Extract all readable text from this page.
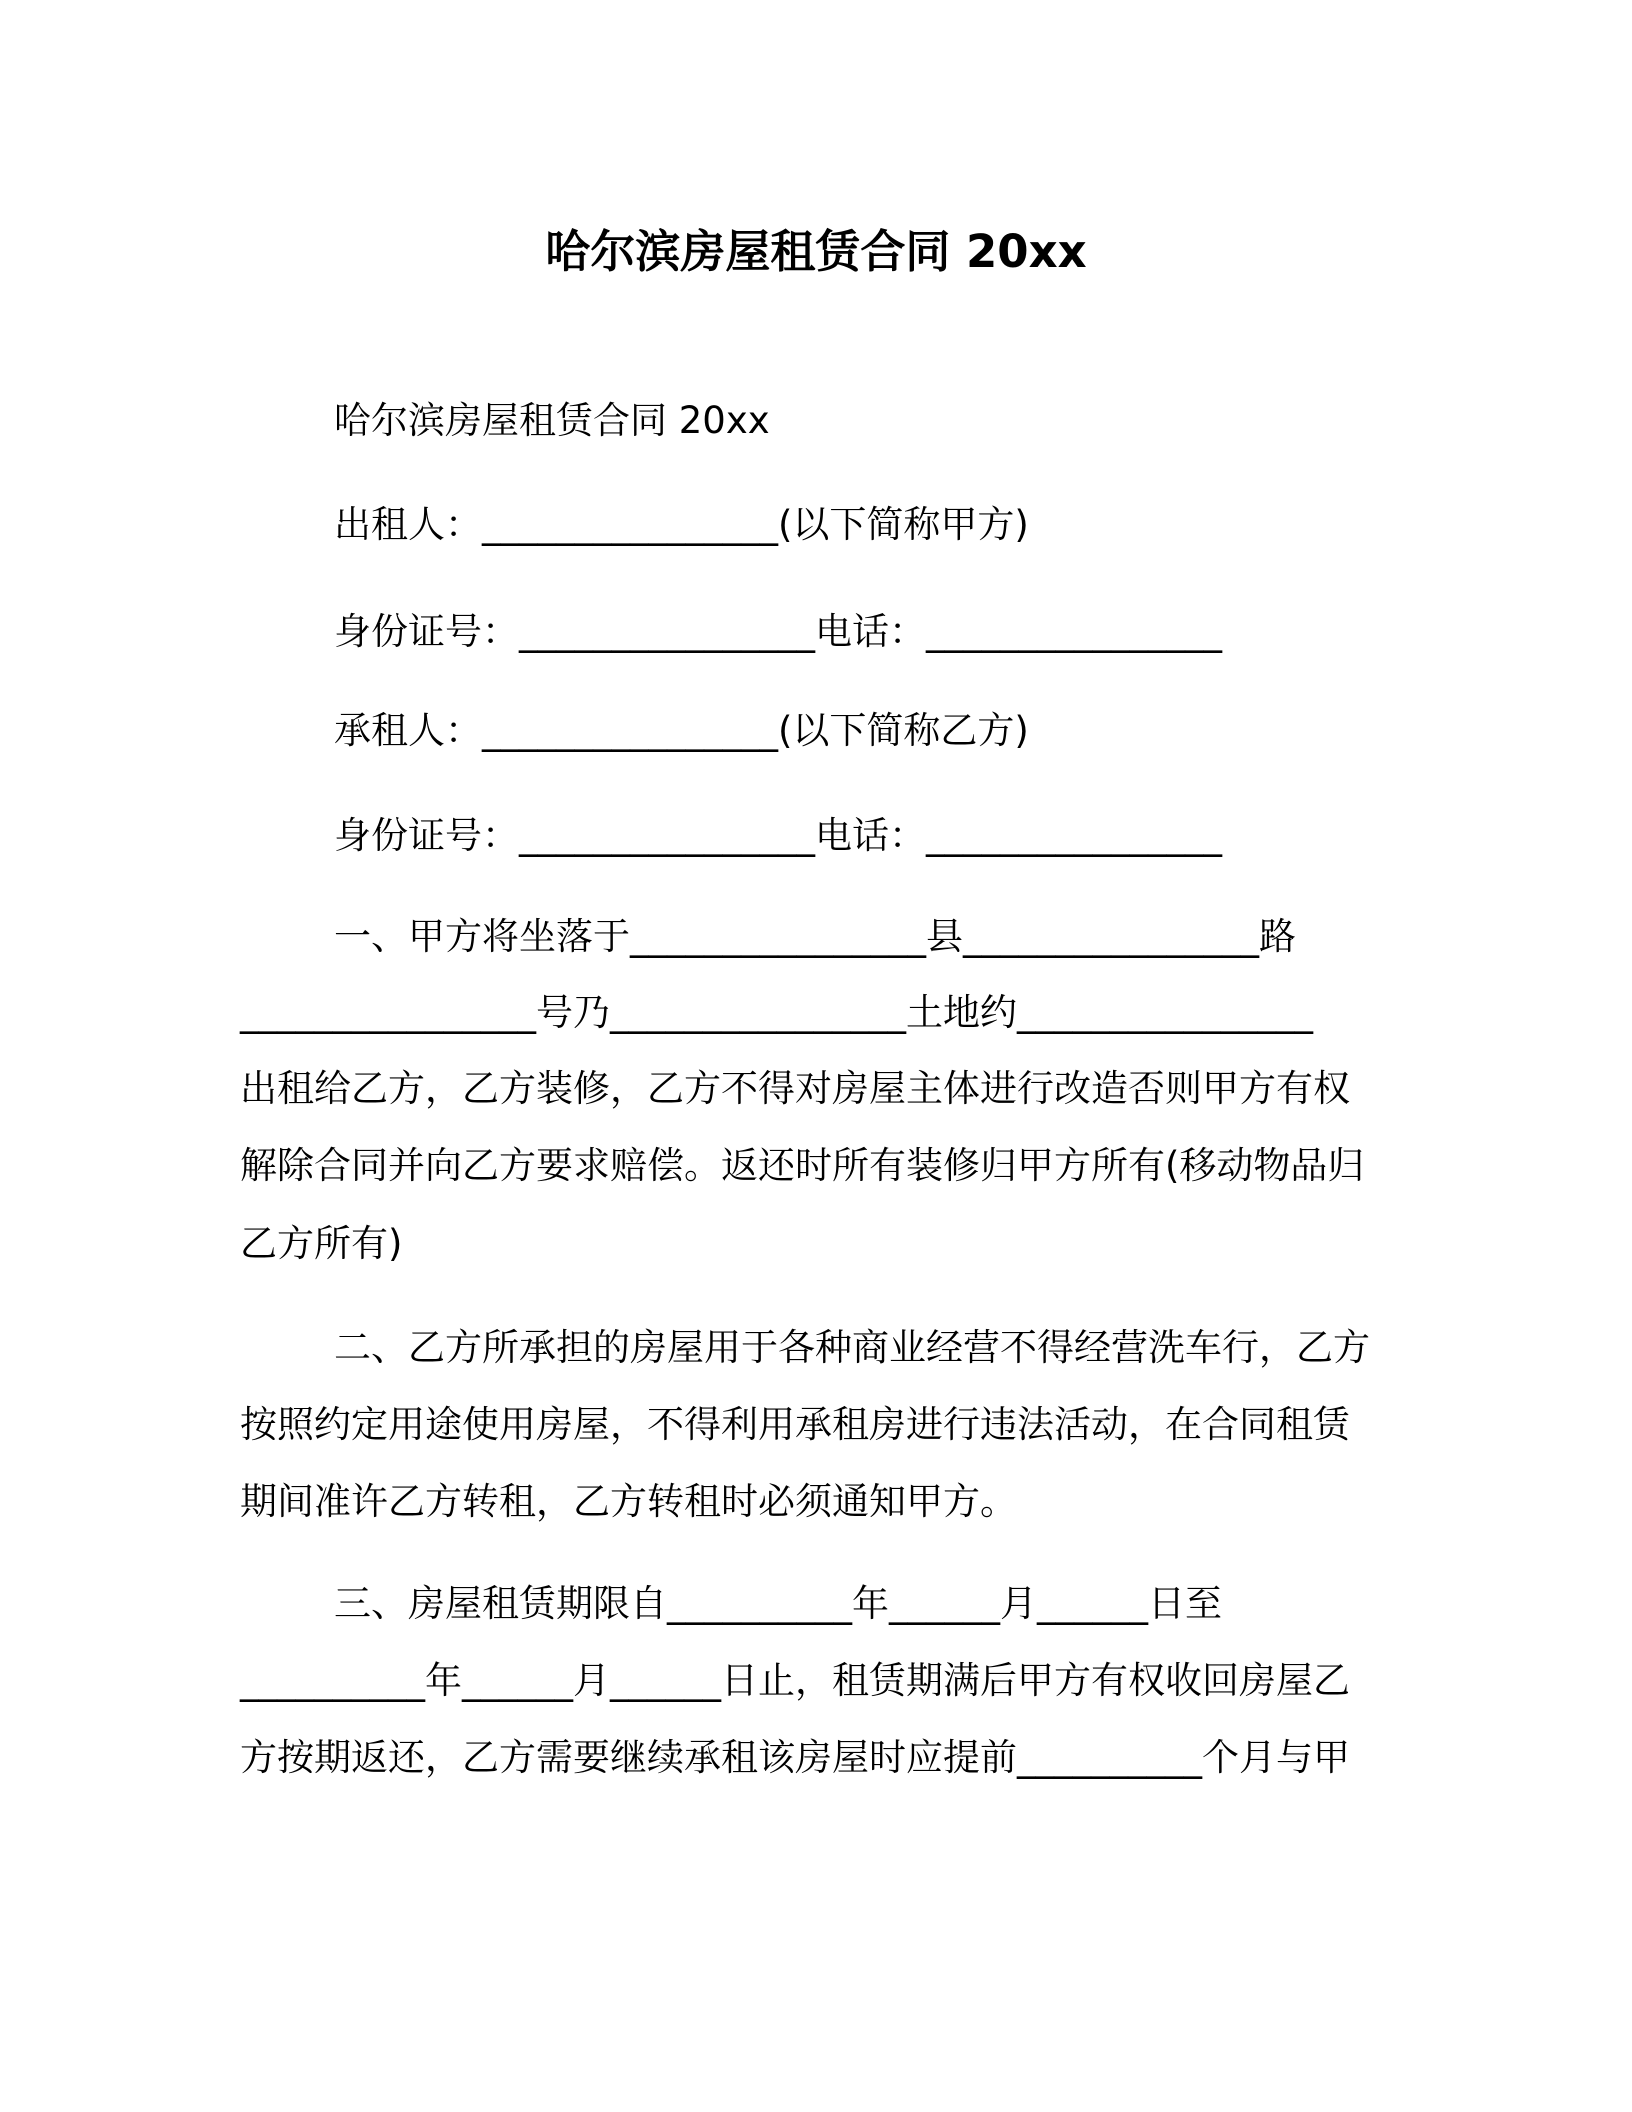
哈尔滨房屋租赁合同 20xx
哈尔滨房屋租赁合同 20xx
出租人：________________(以下简称甲方)
身份证号：________________电话：________________
承租人：________________(以下简称乙方)
身份证号：________________电话：________________
一、甲方将坐落于________________县________________路
________________号乃________________土地约________________
出租给乙方，乙方装修，乙方不得对房屋主体进行改造否则甲方有权
解除合同并向乙方要求赔偿。返还时所有装修归甲方所有(移动物品归
乙方所有)
二、乙方所承担的房屋用于各种商业经营不得经营洗车行，乙方
按照约定用途使用房屋，不得利用承租房进行违法活动，在合同租赁
期间准许乙方转租，乙方转租时必须通知甲方。
三、房屋租赁期限自__________年______月______日至
__________年______月______日止，租赁期满后甲方有权收回房屋乙
方按期返还，乙方需要继续承租该房屋时应提前__________个月与甲
